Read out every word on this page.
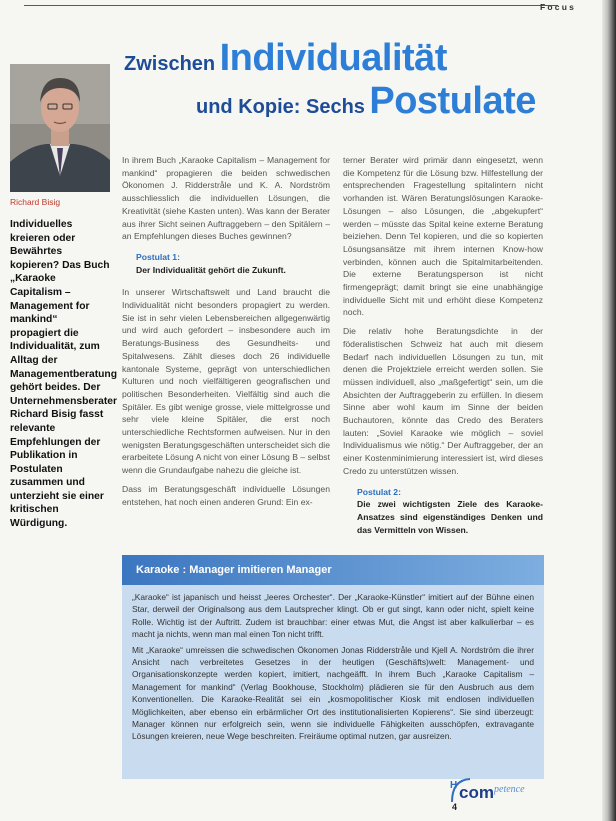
Focus
Zwischen Individualität
und Kopie: Sechs Postulate
Richard Bisig
Individuelles kreieren oder Bewährtes kopieren? Das Buch „Karaoke Capitalism – Management for mankind“ propagiert die Individualität, zum Alltag der Managementberatung gehört beides. Der Unternehmensberater Richard Bisig fasst relevante Empfehlungen der Publikation in Postulaten zusammen und unterzieht sie einer kritischen Würdigung.

In ihrem Buch „Karaoke Capitalism – Management for mankind“ propagieren die beiden schwedischen Ökonomen J. Ridderstråle und K. A. Nordström ausschliesslich die individuellen Lösungen, die Kreativität (siehe Kasten unten). Was kann der Berater aus ihrer Sicht seinen Auftraggebern – den Spitälern – an Empfehlungen dieses Buches gewinnen?

Postulat 1:
Der Individualität gehört die Zukunft.

In unserer Wirtschaftswelt und Land braucht die Individualität nicht besonders propagiert zu werden. Sie ist in sehr vielen Lebensbereichen allgegenwärtig und wird auch gefordert – insbesondere auch im Beratungs-Business des Gesundheits- und Spitalwesens. Zählt dieses doch 26 individuelle kantonale Systeme, geprägt von unterschiedlichen Kulturen und noch vielfältigeren geografischen und politischen Besonderheiten. Vielfältig sind auch die Spitäler. Es gibt wenige grosse, viele mittelgrosse und sehr viele kleine Spitäler, die erst noch unterschiedliche Rechtsformen aufweisen. Nur in den wenigsten Beratungsgeschäften unterscheidet sich die erarbeitete Lösung A nicht von einer Lösung B – selbst wenn die Grundaufgabe nahezu die gleiche ist.

Dass im Beratungsgeschäft individuelle Lösungen entstehen, hat noch einen anderen Grund: Ein ex-

terner Berater wird primär dann eingesetzt, wenn die Kompetenz für die Lösung bzw. Hilfestellung der entsprechenden Fragestellung spitalintern nicht vorhanden ist. Wären Beratungslösungen Karaoke-Lösungen – also Lösungen, die „abgekupfert“ werden – müsste das Spital keine externe Beratung beiziehen. Denn Tel kopieren, und die so kopierten Lösungsansätze mit ihrem internen Know-how verbinden, können auch die Spitalmitarbeitenden. Die externe Beratungsperson ist nicht firmengeprägt; damit bringt sie eine unabhängige individuelle Sicht mit und erhöht diese Kompetenz noch.

Die relativ hohe Beratungsdichte in der föderalistischen Schweiz hat auch mit diesem Bedarf nach individuellen Lösungen zu tun, mit denen die Projektziele erreicht werden sollen. Sie müssen individuell, also „maßgefertigt“ sein, um die Absichten der Auftraggeberin zu erfüllen. In diesem Sinne aber wohl kaum im Sinne der beiden Buchautoren, könnte das Credo des Beraters lauten: „Soviel Karaoke wie möglich – soviel Individualismus wie nötig.“ Der Auftraggeber, der an einer Kostenminimierung interessiert ist, wird dieses Credo zu unterstützen wissen.

Postulat 2:
Die zwei wichtigsten Ziele des Karaoke-Ansatzes sind eigenständiges Denken und das Vermitteln von Wissen.
Karaoke : Manager imitieren Manager

„Karaoke“ ist japanisch und heisst „leeres Orchester“. Der „Karaoke-Künstler“ imitiert auf der Bühne einen Star, derweil der Originalsong aus dem Lautsprecher klingt. Ob er gut singt, kann oder nicht, spielt keine Rolle. Wichtig ist der Auftritt. Zudem ist brauchbar: einer etwas Mut, die Angst ist aber kalkulierbar – es macht ja nichts, wenn man mal einen Ton nicht trifft.

Mit „Karaoke“ umreissen die schwedischen Ökonomen Jonas Ridderstråle und Kjell A. Nordström die ihrer Ansicht nach verbreitetes Gesetzes in der heutigen (Geschäfts)welt: Management- und Organisationskonzepte werden kopiert, imitiert, nachgeäfft. In ihrem Buch „Karaoke Capitalism – Management for mankind“ (Verlag Bookhouse, Stockholm) plädieren sie für den Ausbruch aus dem Konventionellen. Die Karaoke-Realität sei ein „kosmopolitischer Kiosk mit endlosen individuellen Möglichkeiten, aber ebenso ein erbärmlicher Ort des institutionalisierten Kopierens“. Sie sind überzeugt: Manager können nur erfolgreich sein, wenn sie individuelle Fähigkeiten ausschöpfen, extravagante Lösungen kreieren, neue Wege beschreiten. Freiräume optimal nutzen, gar ausreizen.

H com petence
4
